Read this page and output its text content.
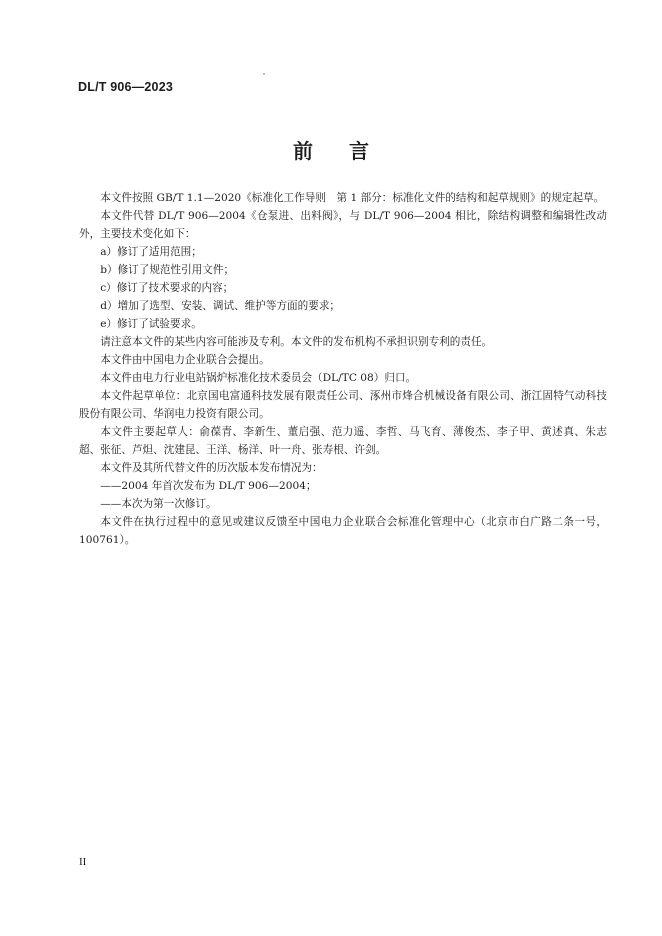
DL/T 906—2023
前言

本文件按照 GB/T 1.1—2020《标准化工作导则　第 1 部分：标准化文件的结构和起草规则》的规定起草。

本文件代替 DL/T 906—2004《仓泵进、出料阀》，与 DL/T 906—2004 相比，除结构调整和编辑性改动外，主要技术变化如下：

a）修订了适用范围；

b）修订了规范性引用文件；

c）修订了技术要求的内容；

d）增加了选型、安装、调试、维护等方面的要求；

e）修订了试验要求。

请注意本文件的某些内容可能涉及专利。本文件的发布机构不承担识别专利的责任。

本文件由中国电力企业联合会提出。

本文件由电力行业电站锅炉标准化技术委员会（DL/TC 08）归口。

本文件起草单位：北京国电富通科技发展有限责任公司、涿州市烽合机械设备有限公司、浙江固特气动科技股份有限公司、华润电力投资有限公司。

本文件主要起草人：俞葆青、李新生、董启强、范力遥、李哲、马飞育、薄俊杰、李子甲、黄述真、朱志超、张征、芦炟、沈建昆、王洋、杨洋、叶一舟、张寿根、许剑。

本文件及其所代替文件的历次版本发布情况为：

——2004 年首次发布为 DL/T 906—2004；

——本次为第一次修订。

本文件在执行过程中的意见或建议反馈至中国电力企业联合会标准化管理中心（北京市白广路二条一号，100761）。

II
